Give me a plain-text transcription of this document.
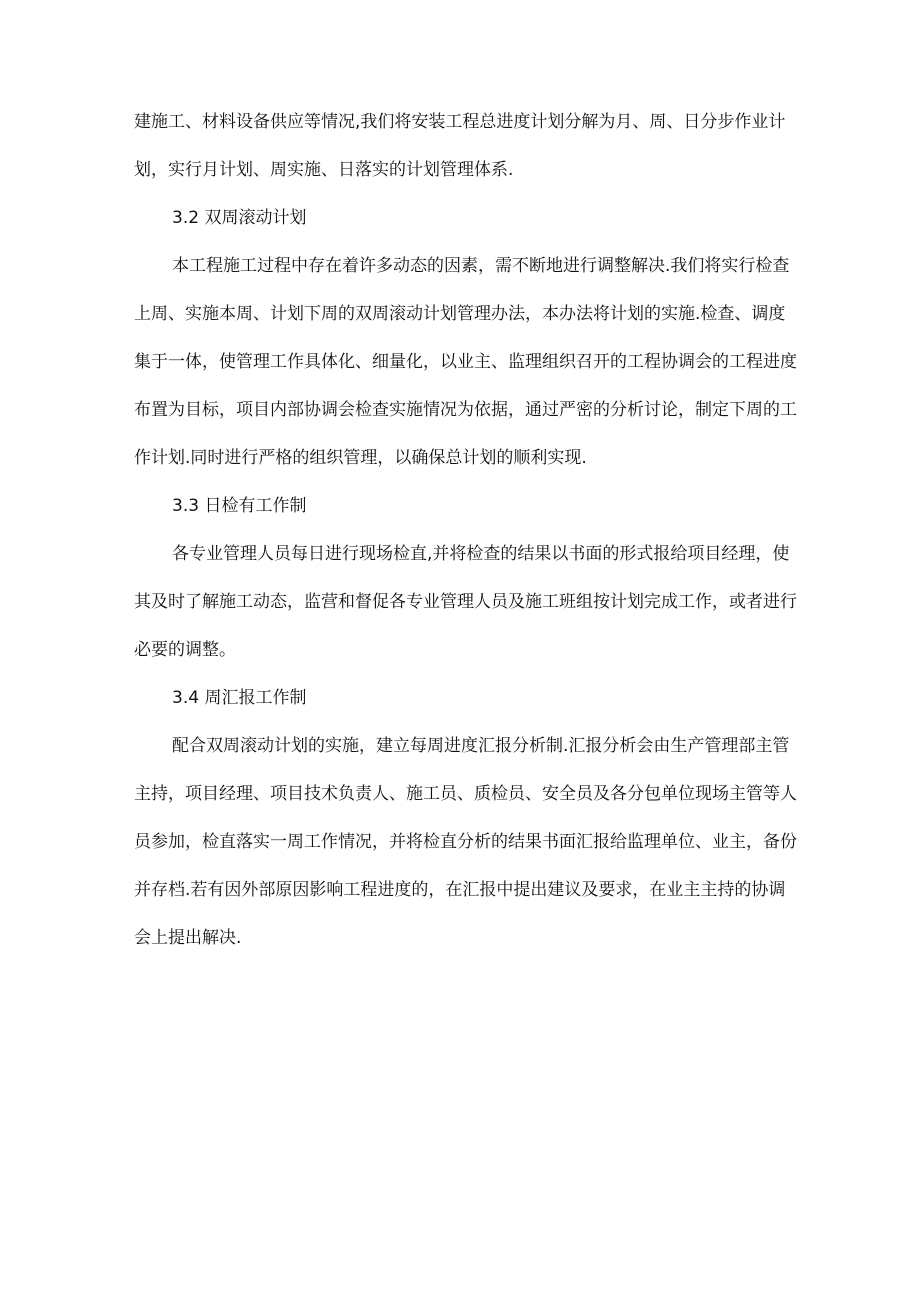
建施工、材料设备供应等情况,我们将安装工程总进度计划分解为月、周、日分步作业计
划，实行月计划、周实施、日落实的计划管理体系.
3.2 双周滚动计划
本工程施工过程中存在着许多动态的因素，需不断地进行调整解决.我们将实行检查
上周、实施本周、计划下周的双周滚动计划管理办法，本办法将计划的实施.检查、调度
集于一体，使管理工作具体化、细量化，以业主、监理组织召开的工程协调会的工程进度
布置为目标，项目内部协调会检查实施情况为依据，通过严密的分析讨论，制定下周的工
作计划.同时进行严格的组织管理，以确保总计划的顺利实现.
3.3 日检有工作制
各专业管理人员每日进行现场检直,并将检查的结果以书面的形式报给项目经理，使
其及时了解施工动态，监营和督促各专业管理人员及施工班组按计划完成工作，或者进行
必要的调整。
3.4 周汇报工作制
配合双周滚动计划的实施，建立每周进度汇报分析制.汇报分析会由生产管理部主管
主持，项目经理、项目技术负责人、施工员、质检员、安全员及各分包单位现场主管等人
员参加，检直落实一周工作情况，并将检直分析的结果书面汇报给监理单位、业主，备份
并存档.若有因外部原因影响工程进度的，在汇报中提出建议及要求，在业主主持的协调
会上提出解决.
